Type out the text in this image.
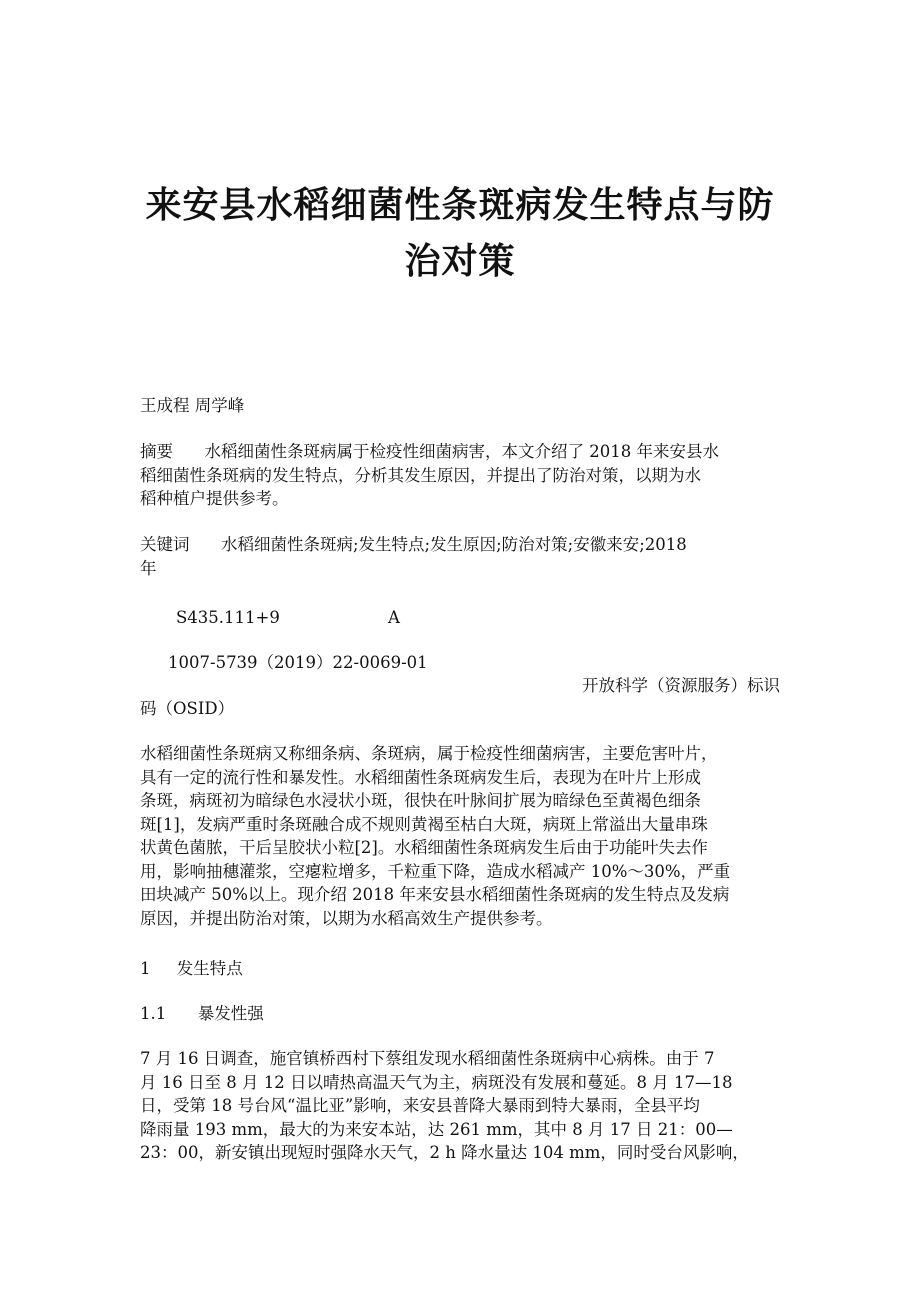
来安县水稻细菌性条斑病发生特点与防
治对策
王成程 周学峰
摘要      水稻细菌性条斑病属于检疫性细菌病害，本文介绍了 2018 年来安县水
稻细菌性条斑病的发生特点，分析其发生原因，并提出了防治对策，以期为水
稻种植户提供参考。
关键词      水稻细菌性条斑病;发生特点;发生原因;防治对策;安徽来安;2018
年
S435.111+9	A
1007-5739（2019）22-0069-01
开放科学（资源服务）标识
码（OSID）
水稻细菌性条斑病又称细条病、条斑病，属于检疫性细菌病害，主要危害叶片，
具有一定的流行性和暴发性。水稻细菌性条斑病发生后，表现为在叶片上形成
条斑，病斑初为暗绿色水浸状小斑，很快在叶脉间扩展为暗绿色至黄褐色细条
斑[1]，发病严重时条斑融合成不规则黄褐至枯白大斑，病斑上常溢出大量串珠
状黄色菌脓，干后呈胶状小粒[2]。水稻细菌性条斑病发生后由于功能叶失去作
用，影响抽穗灌浆，空瘪粒增多，千粒重下降，造成水稻减产 10%～30%，严重
田块减产 50%以上。现介绍 2018 年来安县水稻细菌性条斑病的发生特点及发病
原因，并提出防治对策，以期为水稻高效生产提供参考。
1     发生特点
1.1      暴发性强
7 月 16 日调查，施官镇桥西村下蔡组发现水稻细菌性条斑病中心病株。由于 7
月 16 日至 8 月 12 日以晴热高温天气为主，病斑没有发展和蔓延。8 月 17—18
日，受第 18 号台风“温比亚”影响，来安县普降大暴雨到特大暴雨，全县平均
降雨量 193 mm，最大的为来安本站，达 261 mm，其中 8 月 17 日 21：00—
23：00，新安镇出现短时强降水天气，2 h 降水量达 104 mm，同时受台风影响，
